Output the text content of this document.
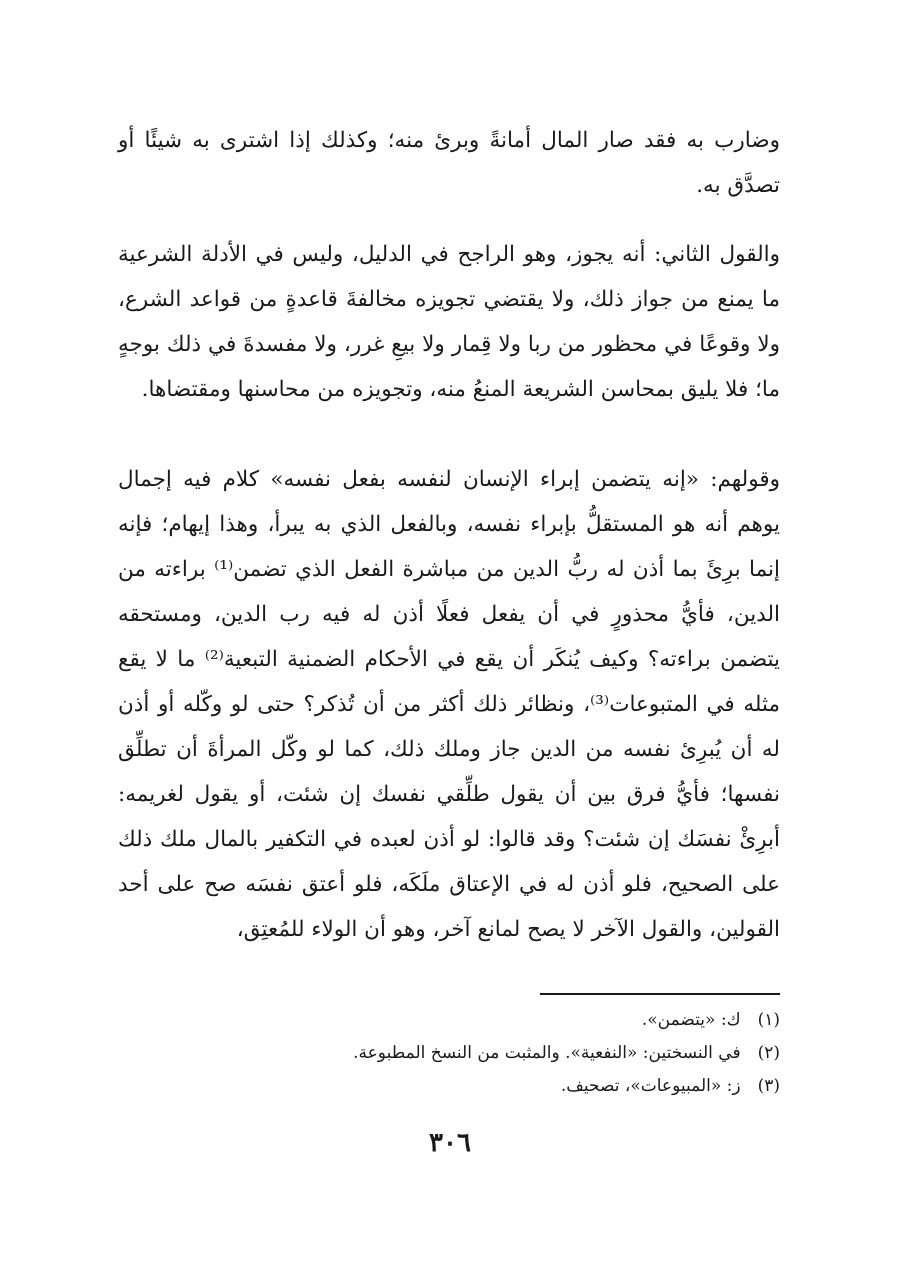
وضارب به فقد صار المال أمانةً وبرئ منه؛ وكذلك إذا اشترى به شيئًا أو تصدَّق به.

والقول الثاني: أنه يجوز، وهو الراجح في الدليل، وليس في الأدلة الشرعية ما يمنع من جواز ذلك، ولا يقتضي تجويزه مخالفةَ قاعدةٍ من قواعد الشرع، ولا وقوعًا في محظور من ربا ولا قِمار ولا بيعِ غرر، ولا مفسدةَ في ذلك بوجهٍ ما؛ فلا يليق بمحاسن الشريعة المنعُ منه، وتجويزه من محاسنها ومقتضاها.

وقولهم: «إنه يتضمن إبراء الإنسان لنفسه بفعل نفسه» كلام فيه إجمال يوهم أنه هو المستقلُّ بإبراء نفسه، وبالفعل الذي به يبرأ، وهذا إيهام؛ فإنه إنما برِئَ بما أذن له ربُّ الدين من مباشرة الفعل الذي تضمن⁽¹⁾ براءته من الدين، فأيُّ محذورٍ في أن يفعل فعلًا أذن له فيه رب الدين، ومستحقه يتضمن براءته؟ وكيف يُنكَر أن يقع في الأحكام الضمنية التبعية⁽²⁾ ما لا يقع مثله في المتبوعات⁽³⁾، ونظائر ذلك أكثر من أن تُذكر؟ حتى لو وكّله أو أذن له أن يُبرِئ نفسه من الدين جاز وملك ذلك، كما لو وكّل المرأةَ أن تطلِّق نفسها؛ فأيُّ فرق بين أن يقول طلِّقي نفسك إن شئت، أو يقول لغريمه: أبرِئْ نفسَك إن شئت؟ وقد قالوا: لو أذن لعبده في التكفير بالمال ملك ذلك على الصحيح، فلو أذن له في الإعتاق ملَكَه، فلو أعتق نفسَه صح على أحد القولين، والقول الآخر لا يصح لمانع آخر، وهو أن الولاء للمُعتِق،

(١) ك: «يتضمن».
(٢) في النسختين: «النفعية». والمثبت من النسخ المطبوعة.
(٣) ز: «المبيوعات»، تصحيف.
٣٠٦
